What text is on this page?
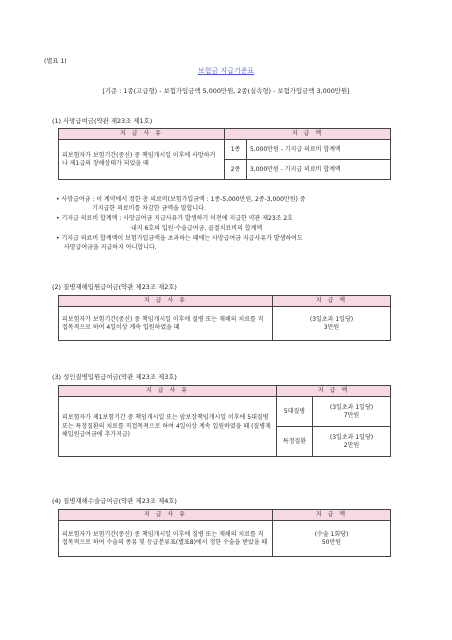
(별표 1)
보험금 지급기준표
[기준 : 1종(고급형) - 보험가입금액 5,000만원, 2종(실속형) - 보험가입금액 3,000만원]
(1) 사망급여금(약관 제23조 제1호)
지 급 사 유	지 급 액	
피보험자가 보험기간(중신) 중 책임개시일 이후에 사망하거나 제1급의 장해상태가 되었을 때	1종	5,000만원 - 기지급 의료비 합계액
	2종	3,000만원 - 기지급 의료비 합계액
• 사망급여금 : 이 계약에서 정한 총 의료비(보험가입금액 : 1종-5,000만원, 2종-3,000만원) 중
기지급한 의료비를 차감한 금액을 말합니다.
• 기지급 의료비 합계액 : 사망급여금 지급사유가 발생하기 이전에 지급한 약관 제23조 2호
내지 6호의 입원·수술급여금, 골절치료비의 합계액
• 기지급 의료비 합계액이 보험가입금액을 초과하는 때에는 사망급여금 지급사유가 발생하여도
사망급여금을 지급하지 아니합니다.
(2) 질병재해입원급여금(약관 제23조 제2호)
지 급 사 유	지 급 액
피보험자가 보험기간(중신) 중 책임개시일 이후에 질병 또는 재해의 치료를 직접목적으로 하여 4일이상 계속 입원하였을 때	(3일초과 1일당)
3만원
(3) 성인질병입원급여금(약관 제23조 제3호)
지 급 사 유	지 급 액	
피보험자가 제1보험기간 중 책임개시일 또는 암보장책임개시일 이후에 5대질병 또는 특정질환의 치료를 직접목적으로 하여 4일이상 계속 입원하였을 때 (질병재해입원급여금에 추가지급)	5대질병	(3일초과 1일당)
7만원

	특정질환	(3일초과 1일당)
2만원
(4) 질병재해수술급여금(약관 제23조 제4호)
지 급 사 유	지 급 액
피보험자가 보험기간(중신) 중 책임개시일 이후에 질병 또는 재해의 치료를 직접목적으로 하여 수술의 종류 및 등급분류표(별표8)에서 정한 수술을 받았을 때	(수술 1회당)
50만원
